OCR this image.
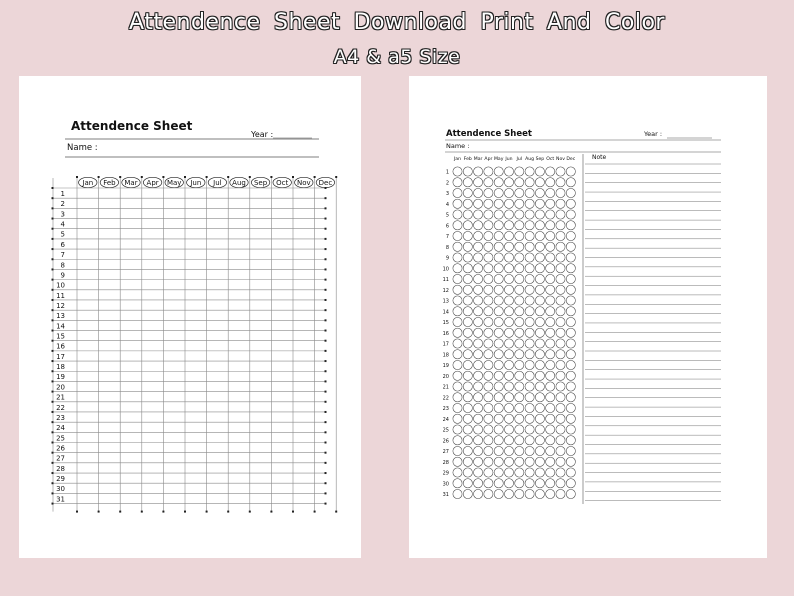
Attendence Sheet Download Print And Color
A4 & a5 Size
Attendence Sheet
Year :
Name :
Jan Feb Mar Apr May Jun Jul Aug Sep Oct Nov Dec
1
2
3
4
5
6
7
8
9
10
11
12
13
14
15
16
17
18
19
20
21
22
23
24
25
26
27
28
29
30
31
Attendence Sheet	Year :
Name :
Note
Jan Feb Mar Apr May Jun Jul Aug Sep Oct Nov Dec
1
2
3
4
5
6
7
8
9
10
11
12
13
14
15
16
17
18
19
20
21
22
23
24
25
26
27
28
29
30
31
